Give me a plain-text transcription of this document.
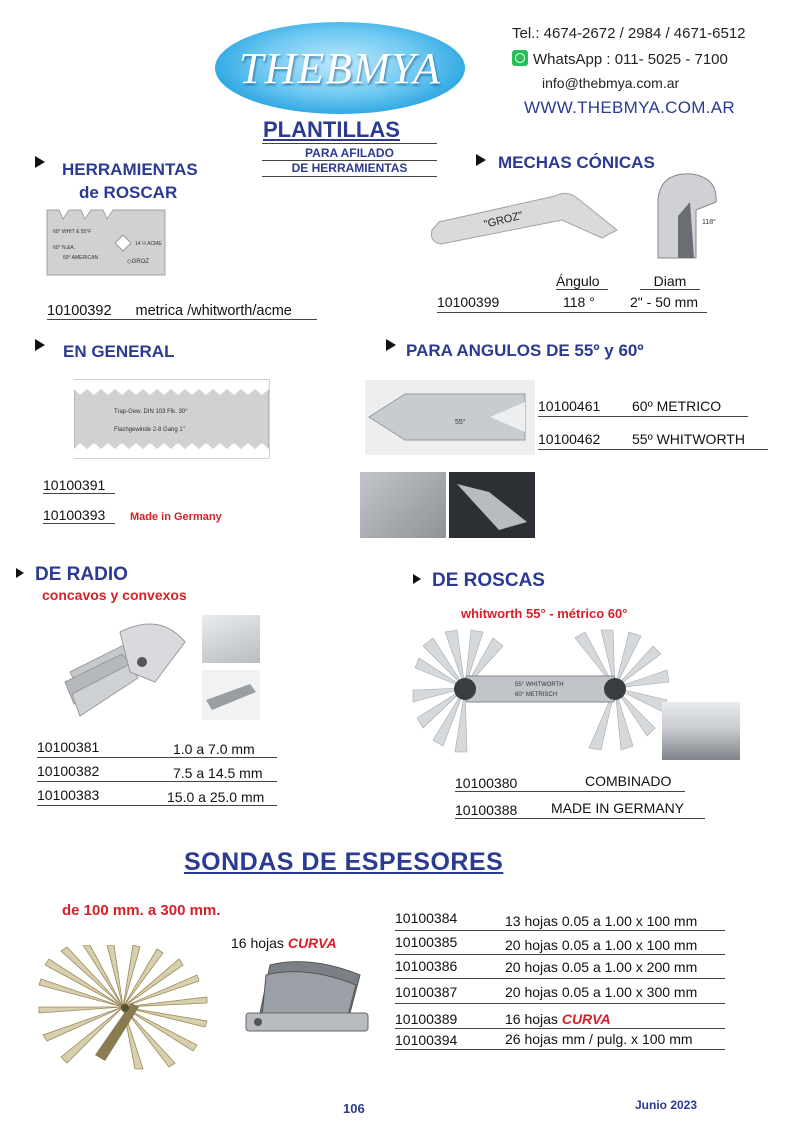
THEBMYA
Tel.: 4674-2672 / 2984 / 4671-6512
WhatsApp : 011- 5025 - 7100
info@thebmya.com.ar
WWW.THEBMYA.COM.AR
PLANTILLAS
PARA AFILADO
DE HERRAMIENTAS
HERRAMIENTAS
de ROSCAR
60° WHIT & 55°F
60° N.&A.
60° AMERICAN
14 ½ ACME
◇GROZ
10100392 metrica /whitworth/acme
MECHAS CÓNICAS
"GROZ"	118°
Ángulo	Diam
10100399	118 °	2" - 50 mm
EN GENERAL
Trap-Gew. DIN 103 Flk. 30°
Flachgewinde 2-8 Gang 1"
10100391
10100393	Made in Germany
PARA ANGULOS DE 55º y 60º
55°
10100461 60º METRICO
10100462 55º WHITWORTH
DE RADIO
concavos y convexos
10100381	1.0 a 7.0 mm
10100382	7.5 a 14.5 mm
10100383	15.0 a 25.0 mm
DE ROSCAS
whitworth 55° - métrico 60°
55° WHITWORTH
60° METRISCH
10100380	COMBINADO
10100388 MADE IN GERMANY
SONDAS DE ESPESORES
de 100 mm. a 300 mm.
16 hojas CURVA
10100384	13 hojas 0.05 a 1.00 x 100 mm
10100385	20 hojas 0.05 a 1.00 x 100 mm
10100386	20 hojas 0.05 a 1.00 x 200 mm
10100387	20 hojas 0.05 a 1.00 x 300 mm
10100389	16 hojas CURVA
10100394	26 hojas mm / pulg. x 100 mm
106	Junio 2023
